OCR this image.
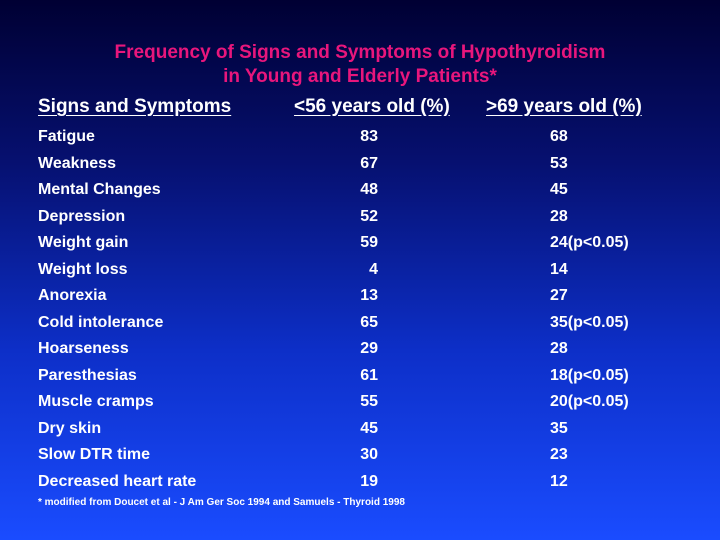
Frequency of Signs and Symptoms of Hypothyroidism
in Young and Elderly Patients*
Signs and Symptoms	<56 years old (%) >69 years old (%)
Fatigue	83	68
Weakness	67	53
Mental Changes	48	45
Depression	52	28
Weight gain	59	24(p<0.05)
Weight loss	4	14
Anorexia	13	27
Cold intolerance	65	35(p<0.05)
Hoarseness	29	28
Paresthesias	61	18(p<0.05)
Muscle cramps	55	20(p<0.05)
Dry skin	45	35
Slow DTR time	30	23
Decreased heart rate	19	12
* modified from Doucet et al - J Am Ger Soc 1994 and Samuels - Thyroid 1998
